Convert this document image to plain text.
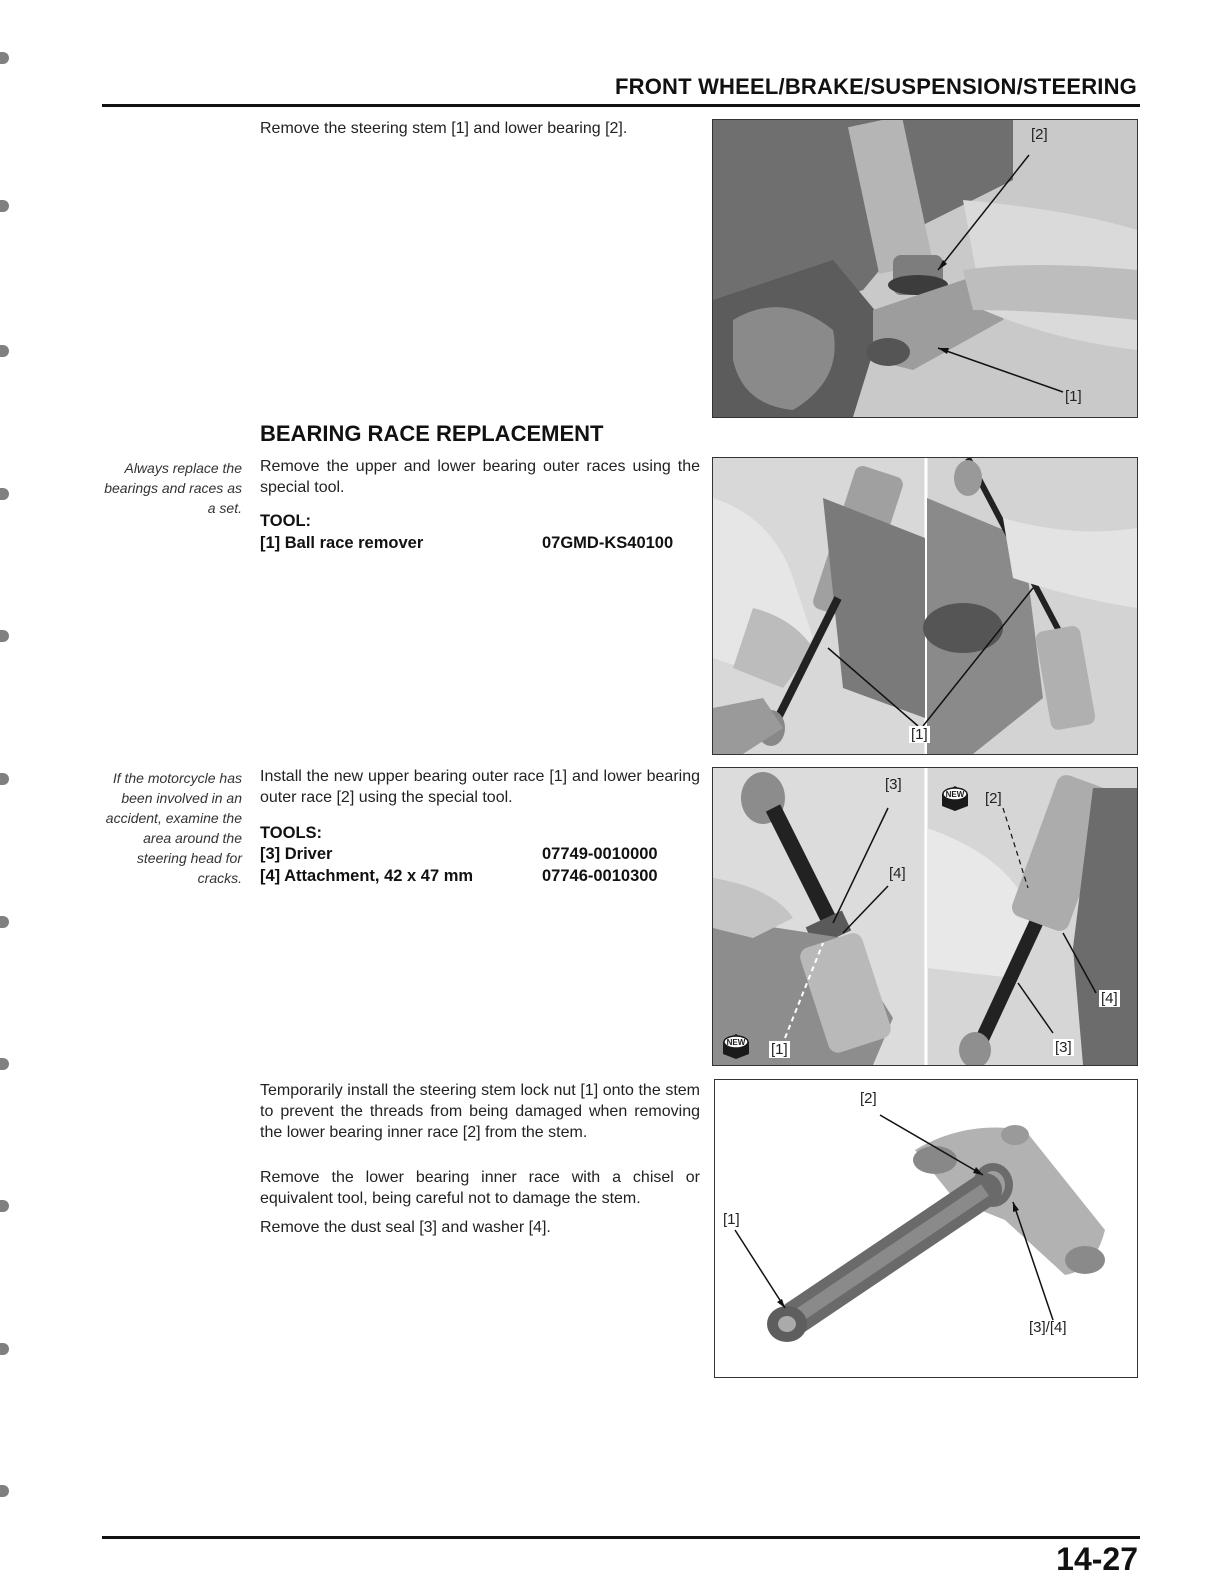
FRONT WHEEL/BRAKE/SUSPENSION/STEERING
Remove the steering stem [1] and lower bearing [2].	[2]
[1]
BEARING RACE REPLACEMENT
Always replace the bearings and races as a set.
Remove the upper and lower bearing outer races using the special tool.
TOOL:
[1] Ball race remover	07GMD-KS40100
[1]
If the motorcycle has been involved in an accident, examine the area around the steering head for cracks.
Install the new upper bearing outer race [1] and lower bearing outer race [2] using the special tool.
TOOLS:
[3] Driver	07749-0010000
[4] Attachment, 42 x 47 mm	07746-0010300
[3]
[2]
[4]
[4]
[1]	[3]
NEW
NEW
Temporarily install the steering stem lock nut [1] onto the stem to prevent the threads from being damaged when removing the lower bearing inner race [2] from the stem.
Remove the lower bearing inner race with a chisel or equivalent tool, being careful not to damage the stem.
Remove the dust seal [3] and washer [4].
[2]
[1]
[3]/[4]
14-27
